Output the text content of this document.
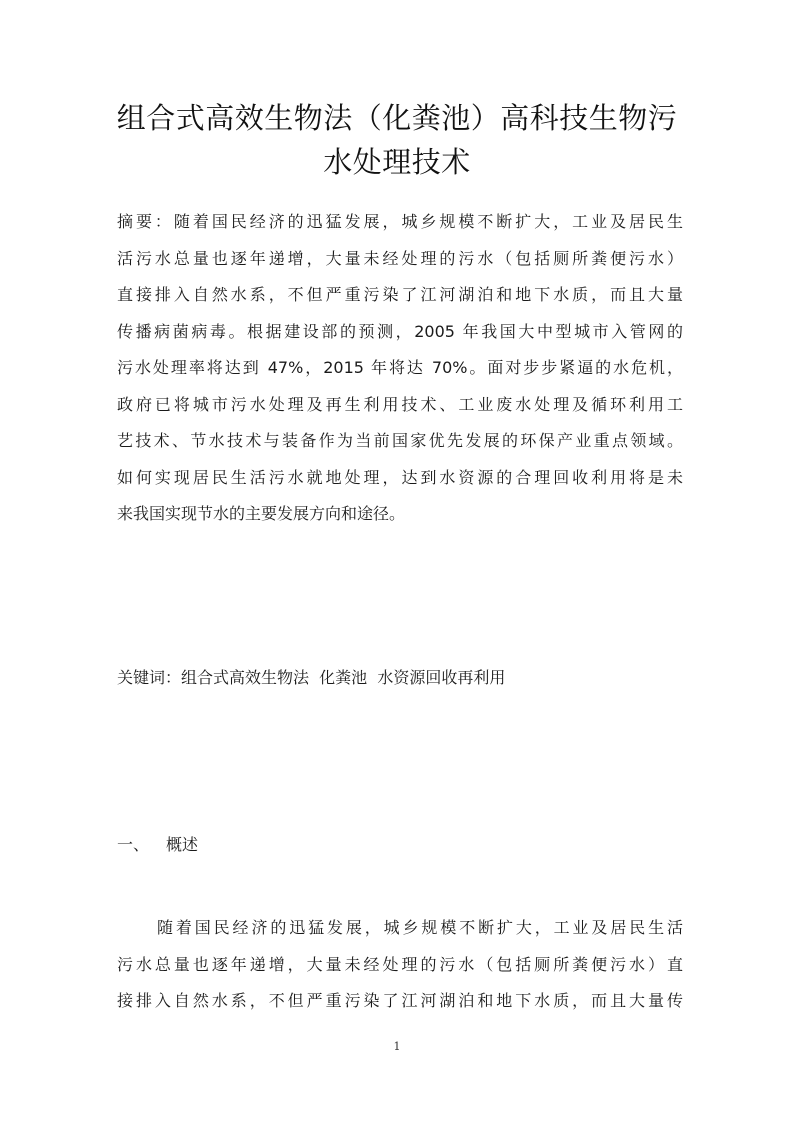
组合式高效生物法（化粪池）高科技生物污
水处理技术
摘要：随着国民经济的迅猛发展，城乡规模不断扩大，工业及居民生
活污水总量也逐年递增，大量未经处理的污水（包括厕所粪便污水）
直接排入自然水系，不但严重污染了江河湖泊和地下水质，而且大量
传播病菌病毒。根据建设部的预测，2005 年我国大中型城市入管网的
污水处理率将达到 47%，2015 年将达 70%。面对步步紧逼的水危机，
政府已将城市污水处理及再生利用技术、工业废水处理及循环利用工
艺技术、节水技术与装备作为当前国家优先发展的环保产业重点领域。
如何实现居民生活污水就地处理，达到水资源的合理回收利用将是未
来我国实现节水的主要发展方向和途径。
关键词：组合式高效生物法  化粪池  水资源回收再利用
一、 概述
随着国民经济的迅猛发展，城乡规模不断扩大，工业及居民生活
污水总量也逐年递增，大量未经处理的污水（包括厕所粪便污水）直
接排入自然水系，不但严重污染了江河湖泊和地下水质，而且大量传
1
